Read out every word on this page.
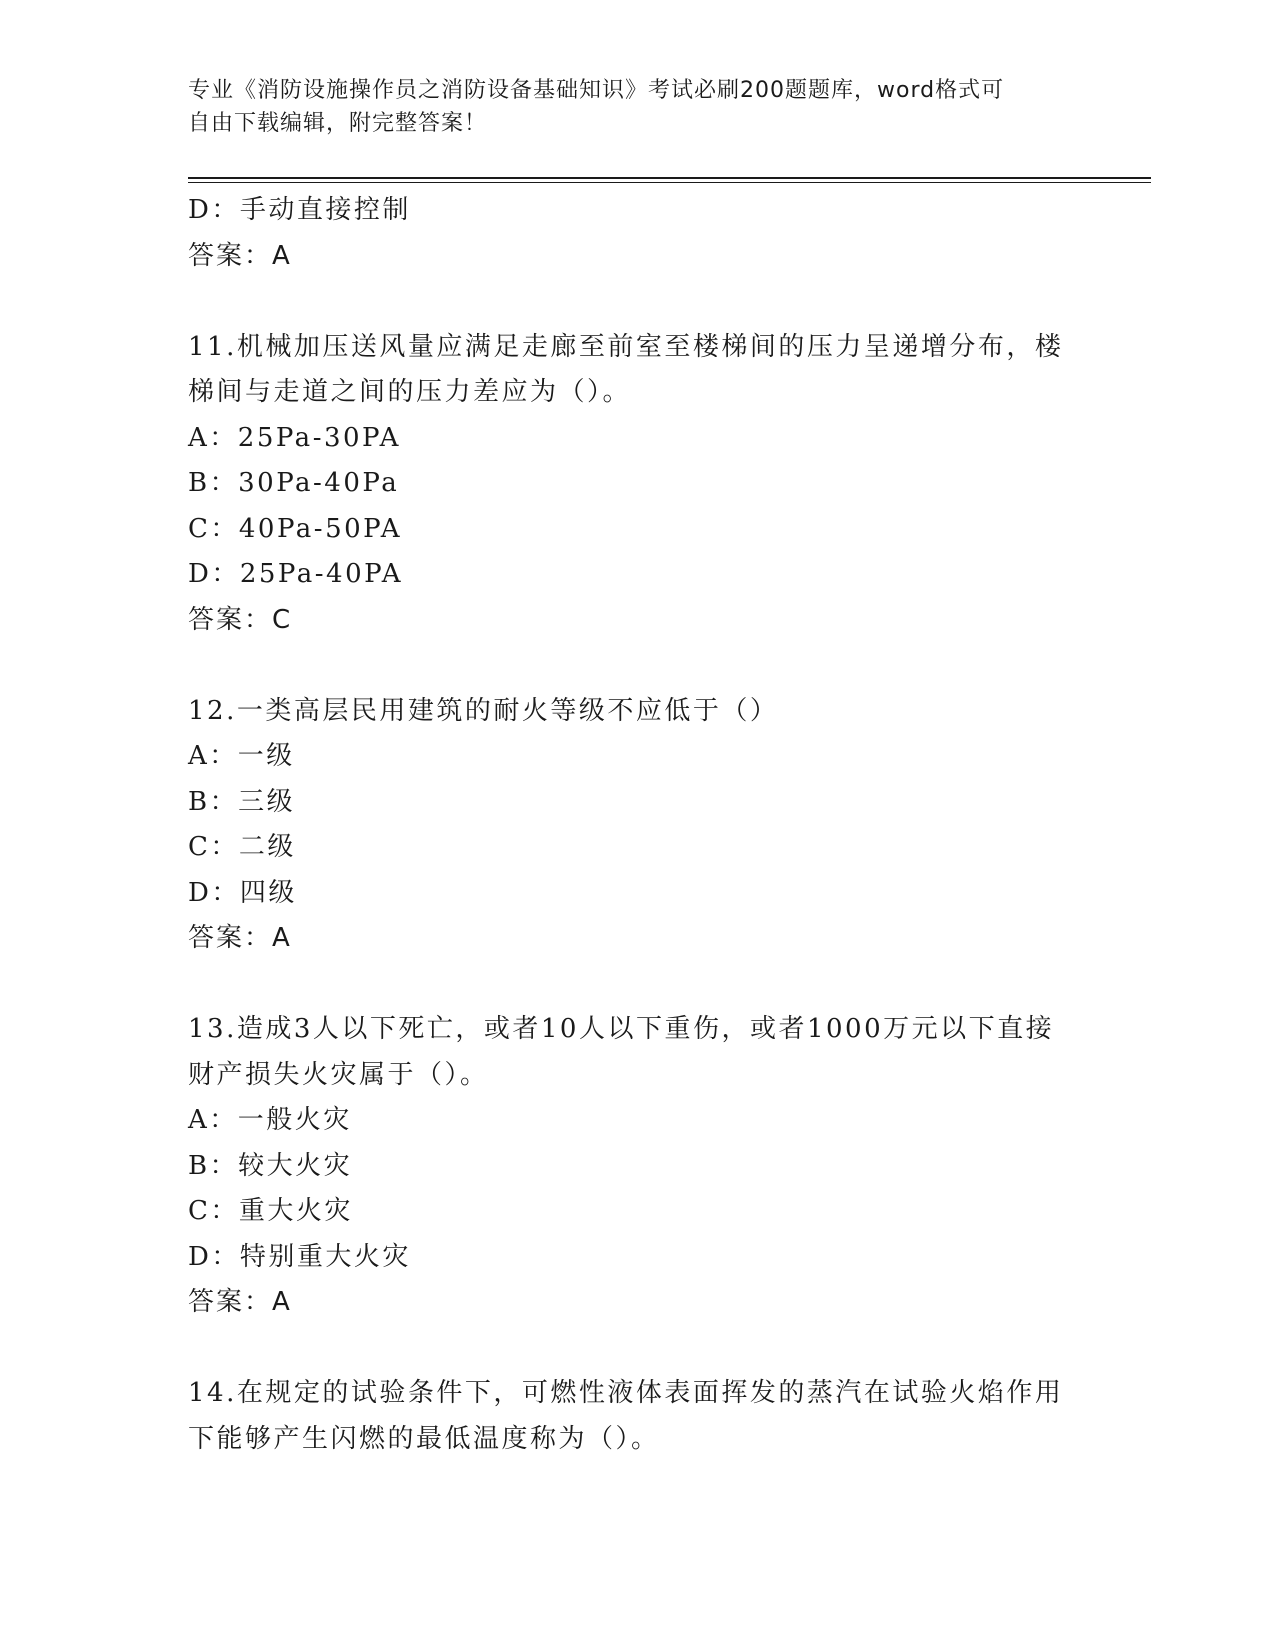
专业《消防设施操作员之消防设备基础知识》考试必刷200题题库，word格式可
自由下载编辑，附完整答案！
D：手动直接控制
答案：A
11.机械加压送风量应满足走廊至前室至楼梯间的压力呈递增分布，楼
梯间与走道之间的压力差应为（）。
A：25Pa-30PA
B：30Pa-40Pa
C：40Pa-50PA
D：25Pa-40PA
答案：C
12.一类高层民用建筑的耐火等级不应低于（）
A：一级
B：三级
C：二级
D：四级
答案：A
13.造成3人以下死亡，或者10人以下重伤，或者1000万元以下直接
财产损失火灾属于（）。
A：一般火灾
B：较大火灾
C：重大火灾
D：特别重大火灾
答案：A
14.在规定的试验条件下，可燃性液体表面挥发的蒸汽在试验火焰作用
下能够产生闪燃的最低温度称为（）。
